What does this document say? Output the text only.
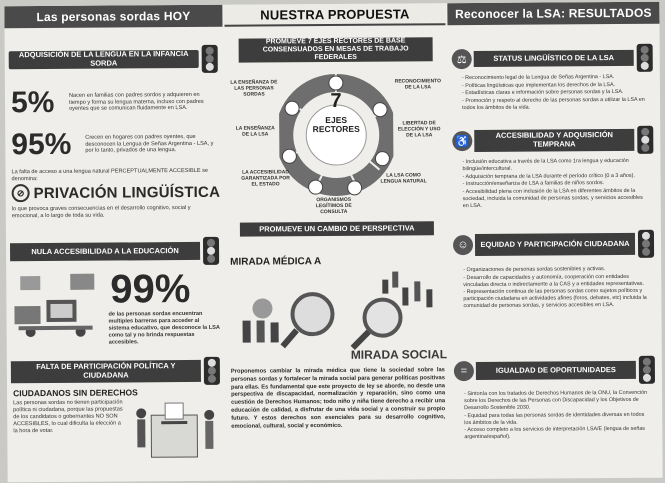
Las personas sordas HOY
ADQUISICIÓN DE LA LENGUA EN LA INFANCIA SORDA
5%	Nacen en familias con padres sordos y adquieren en tiempo y forma su lengua materna, incluso con padres oyentes que se comunican fluidamente en LSA.
95%	Crecen en hogares con padres oyentes, que desconocen la Lengua de Señas Argentina - LSA, y por lo tanto, privados de una lengua.
La falta de acceso a una lengua natural PERCEPTUALMENTE ACCESIBLE se denomina:
⊘ PRIVACIÓN LINGÜÍSTICA
lo que provoca graves consecuencias en el desarrollo cognitivo, social y emocional, a lo largo de toda su vida.
NULA ACCESIBILIDAD A LA EDUCACIÓN
99%
de las personas sordas encuentran multiples barreras para acceder al sistema educativo, que desconoce la LSA como tal y no brinda respuestas accesibles.
FALTA DE PARTICIPACIÓN POLÍTICA Y CIUDADANA
CIUDADANOS SIN DERECHOS
Las personas sordas no tienen participación política ni ciudadana, porque las propuestas de los candidatos o gobernantes NO SON ACCESIBLES, lo cual dificulta la elección a la hora de votar.
NUESTRA PROPUESTA
PROMUEVE 7 EJES RECTORES DE BASE CONSENSUADOS EN MESAS DE TRABAJO FEDERALES
7
EJES RECTORES
LA ENSEÑANZA DE LAS PERSONAS SORDAS
RECONOCIMIENTO DE LA LSA
LA ENSEÑANZA DE LA LSA
LIBERTAD DE ELECCIÓN Y USO DE LA LSA
LA ACCESIBILIDAD GARANTIZADA POR EL ESTADO
ORGANISMOS LEGÍTIMOS DE CONSULTA
LA LSA COMO LENGUA NATURAL
PROMUEVE UN CAMBIO DE PERSPECTIVA
MIRADA MÉDICA A
MIRADA SOCIAL
Proponemos cambiar la mirada médica que tiene la sociedad sobre las personas sordas y fortalecer la mirada social para generar políticas positivas para ellas. Es fundamental que este proyecto de ley se aborde, no desde una perspectiva de discapacidad, normalización y reparación, sino como una cuestión de Derechos Humanos; todo niño y niña tiene derecho a recibir una educación de calidad, a disfrutar de una vida social y a construir su propio futuro. Y estos derechos son esenciales para su desarrollo cognitivo, emocional, cultural, social y económico.
Reconocer la LSA: RESULTADOS
⚖	STATUS LINGÜÍSTICO DE LA LSA
- Reconocimiento legal de la Lengua de Señas Argentina - LSA.
- Políticas lingüísticas que implementan los derechos de la LSA.
- Estadísticas claras e información sobre personas sordas y la LSA.
- Promoción y respeto al derecho de las personas sordas a utilizar la LSA en todos los ámbitos de la vida.
♿
ACCESIBILIDAD Y ADQUISICIÓN TEMPRANA
- Inclusión educativa a través de la LSA como 1ra lengua y educación bilingüe/intercultural.
- Adquisición temprana de la LSA durante el período crítico (0 a 3 años).
- Instrucción/enseñanza de LSA a familias de niños sordos.
- Accesibilidad plena con inclusión de la LSA en diferentes ámbitos de la sociedad, incluida la comunidad de personas sordas, y servicios accesibles en LSA.
☺	EQUIDAD Y PARTICIPACIÓN CIUDADANA
- Organizaciones de personas sordas sostenibles y activas.
- Desarrollo de capacidades y autonomía, cooperación con entidades vinculadas directa o indirectamente a la CAS y a entidades representativas.
- Representación continua de las personas sordas como sujetos políticos y participación ciudadana en actividades afines (foros, debates, etc) incluida la comunidad de personas sordas, y servicios accesibles en LSA.
=	IGUALDAD DE OPORTUNIDADES
- Sintonía con los tratados de Derechos Humanos de la ONU, la Convención sobre los Derechos de las Personas con Discapacidad y los Objetivos de Desarrollo Sostenible 2030.
- Equidad para todas las personas sordas de identidades diversas en todos los ámbitos de la vida.
- Acceso completo a los servicios de interpretación LSA/E (lengua de señas argentina/español).
